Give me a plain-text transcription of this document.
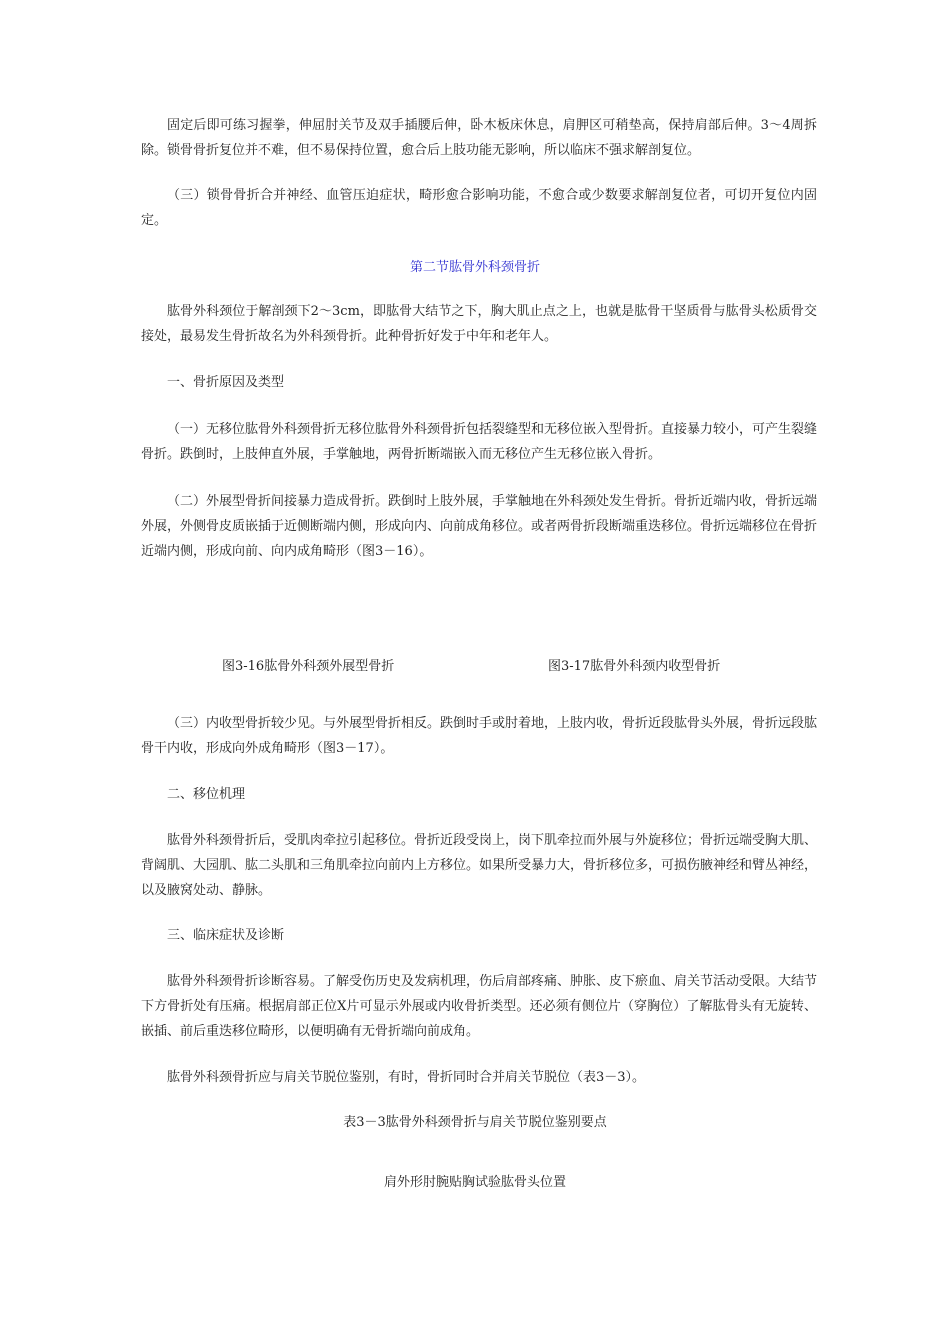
固定后即可练习握拳，伸屈肘关节及双手插腰后伸，卧木板床休息，肩胛区可稍垫高，保持肩部后伸。3～4周拆除。锁骨骨折复位并不难，但不易保持位置，愈合后上肢功能无影响，所以临床不强求解剖复位。

（三）锁骨骨折合并神经、血管压迫症状，畸形愈合影响功能，不愈合或少数要求解剖复位者，可切开复位内固定。

第二节肱骨外科颈骨折

肱骨外科颈位于解剖颈下2～3cm，即肱骨大结节之下，胸大肌止点之上，也就是肱骨干坚质骨与肱骨头松质骨交接处，最易发生骨折故名为外科颈骨折。此种骨折好发于中年和老年人。

一、骨折原因及类型

（一）无移位肱骨外科颈骨折无移位肱骨外科颈骨折包括裂缝型和无移位嵌入型骨折。直接暴力较小，可产生裂缝骨折。跌倒时，上肢伸直外展，手掌触地，两骨折断端嵌入而无移位产生无移位嵌入骨折。

（二）外展型骨折间接暴力造成骨折。跌倒时上肢外展，手掌触地在外科颈处发生骨折。骨折近端内收，骨折远端外展，外侧骨皮质嵌插于近侧断端内侧，形成向内、向前成角移位。或者两骨折段断端重迭移位。骨折远端移位在骨折近端内侧，形成向前、向内成角畸形（图3－16）。

图3-16肱骨外科颈外展型骨折	图3-17肱骨外科颈内收型骨折

（三）内收型骨折较少见。与外展型骨折相反。跌倒时手或肘着地，上肢内收，骨折近段肱骨头外展，骨折远段肱骨干内收，形成向外成角畸形（图3－17）。

二、移位机理

肱骨外科颈骨折后，受肌肉牵拉引起移位。骨折近段受岗上，岗下肌牵拉而外展与外旋移位；骨折远端受胸大肌、背阔肌、大园肌、肱二头肌和三角肌牵拉向前内上方移位。如果所受暴力大，骨折移位多，可损伤腋神经和臂丛神经，以及腋窝处动、静脉。

三、临床症状及诊断

肱骨外科颈骨折诊断容易。了解受伤历史及发病机理，伤后肩部疼痛、肿胀、皮下瘀血、肩关节活动受限。大结节下方骨折处有压痛。根据肩部正位X片可显示外展或内收骨折类型。还必须有侧位片（穿胸位）了解肱骨头有无旋转、嵌插、前后重迭移位畸形，以便明确有无骨折端向前成角。

肱骨外科颈骨折应与肩关节脱位鉴别，有时，骨折同时合并肩关节脱位（表3－3）。

表3－3肱骨外科颈骨折与肩关节脱位鉴别要点

肩外形肘腕贴胸试验肱骨头位置
